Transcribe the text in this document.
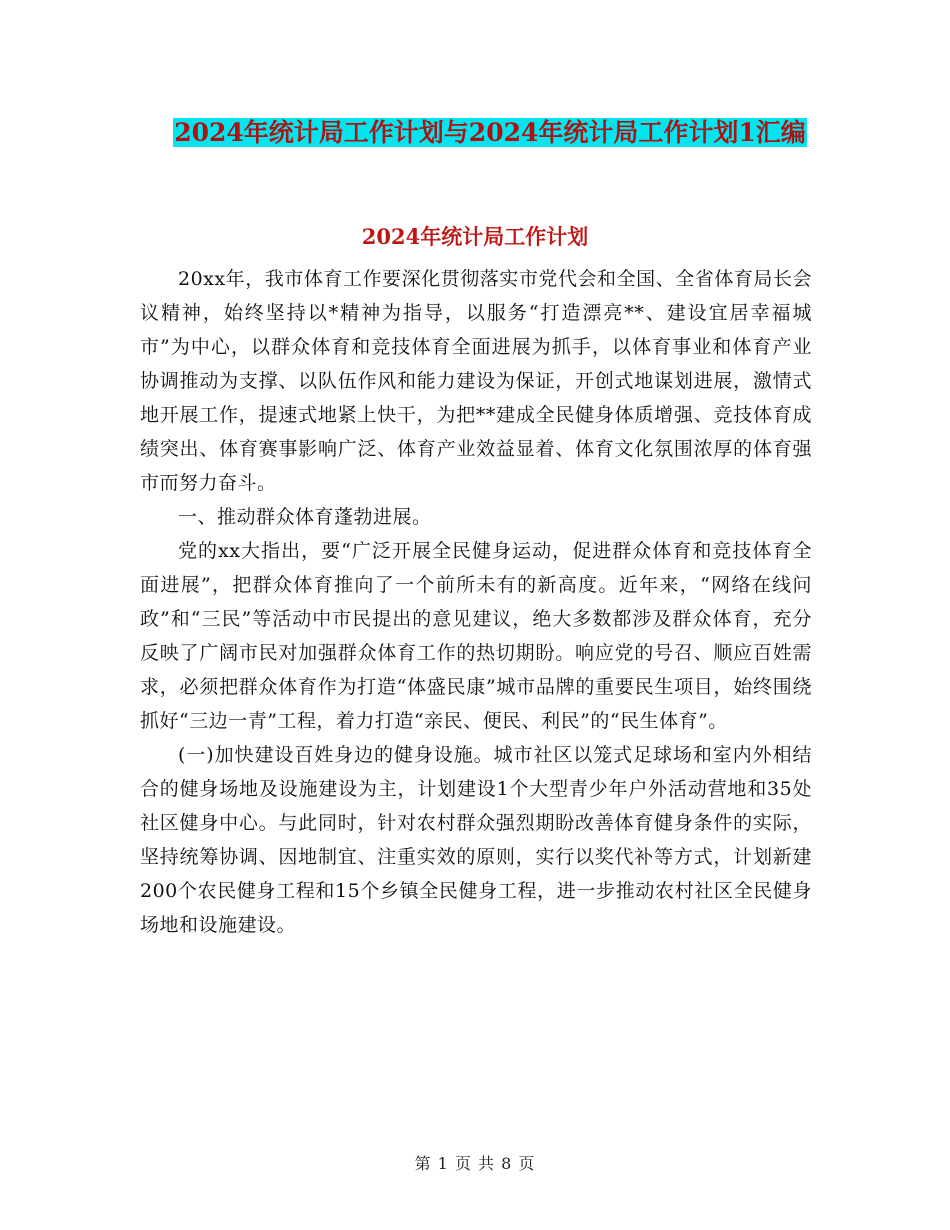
2024年统计局工作计划与2024年统计局工作计划1汇编
2024年统计局工作计划

20xx年，我市体育工作要深化贯彻落实市党代会和全国、全省体育局长会议精神，始终坚持以*精神为指导，以服务“打造漂亮**、建设宜居幸福城市”为中心，以群众体育和竞技体育全面进展为抓手，以体育事业和体育产业协调推动为支撑、以队伍作风和能力建设为保证，开创式地谋划进展，激情式地开展工作，提速式地紧上快干，为把**建成全民健身体质增强、竞技体育成绩突出、体育赛事影响广泛、体育产业效益显着、体育文化氛围浓厚的体育强市而努力奋斗。

一、推动群众体育蓬勃进展。

党的xx大指出，要“广泛开展全民健身运动，促进群众体育和竞技体育全面进展”，把群众体育推向了一个前所未有的新高度。近年来，“网络在线问政”和“三民”等活动中市民提出的意见建议，绝大多数都涉及群众体育，充分反映了广阔市民对加强群众体育工作的热切期盼。响应党的号召、顺应百姓需求，必须把群众体育作为打造“体盛民康”城市品牌的重要民生项目，始终围绕抓好“三边一青”工程，着力打造“亲民、便民、利民”的“民生体育”。

(一)加快建设百姓身边的健身设施。城市社区以笼式足球场和室内外相结合的健身场地及设施建设为主，计划建设1个大型青少年户外活动营地和35处社区健身中心。与此同时，针对农村群众强烈期盼改善体育健身条件的实际，坚持统筹协调、因地制宜、注重实效的原则，实行以奖代补等方式，计划新建200个农民健身工程和15个乡镇全民健身工程，进一步推动农村社区全民健身场地和设施建设。

第 1 页 共 8 页
